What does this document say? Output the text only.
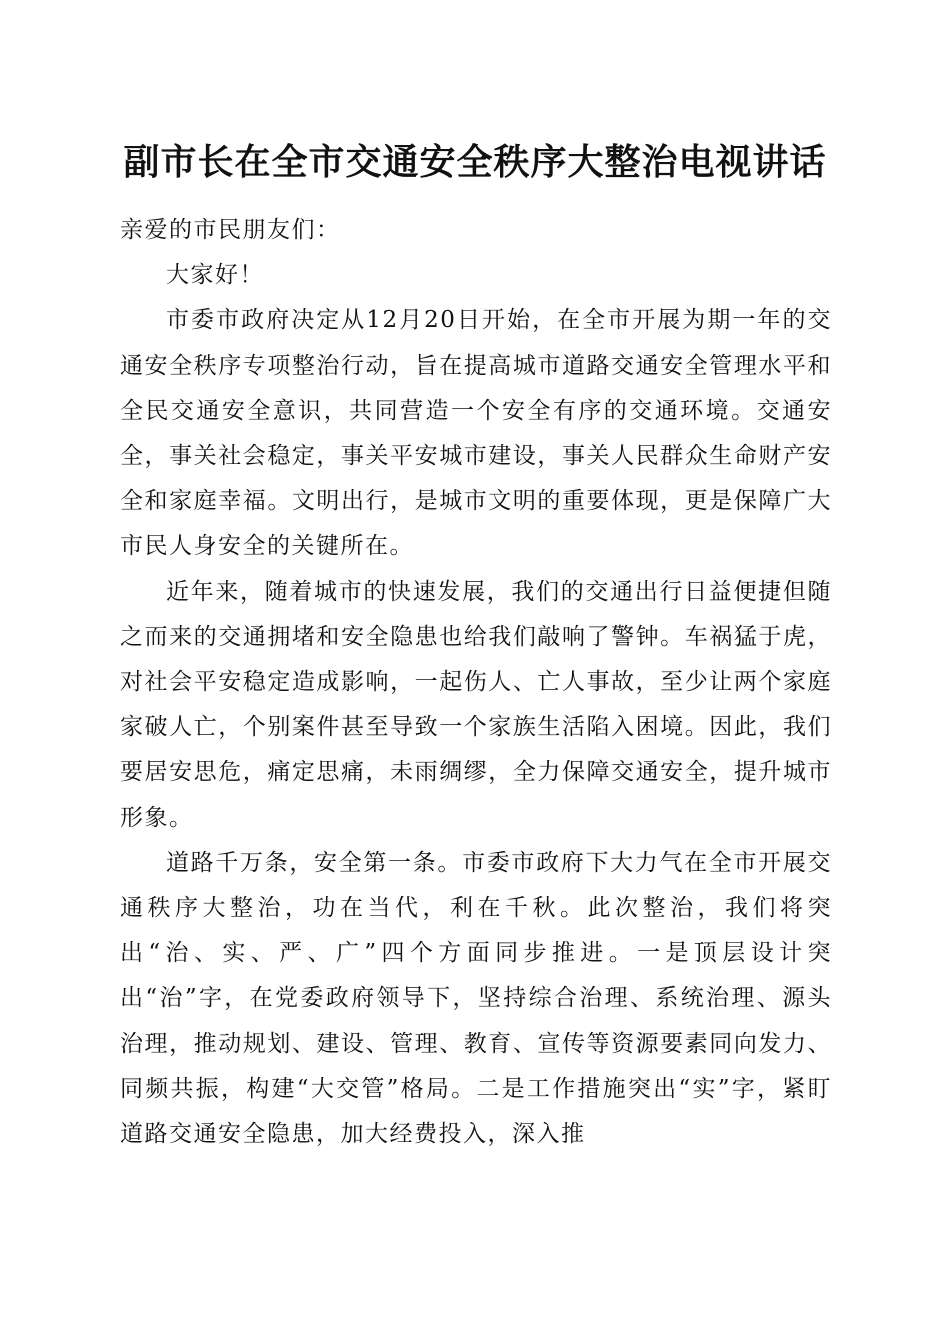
副市长在全市交通安全秩序大整治电视讲话

亲爱的市民朋友们：

大家好！

市委市政府决定从12月20日开始，在全市开展为期一年的交通安全秩序专项整治行动，旨在提高城市道路交通安全管理水平和全民交通安全意识，共同营造一个安全有序的交通环境。交通安全，事关社会稳定，事关平安城市建设，事关人民群众生命财产安全和家庭幸福。文明出行，是城市文明的重要体现，更是保障广大市民人身安全的关键所在。

近年来，随着城市的快速发展，我们的交通出行日益便捷但随之而来的交通拥堵和安全隐患也给我们敲响了警钟。车祸猛于虎，对社会平安稳定造成影响，一起伤人、亡人事故，至少让两个家庭家破人亡，个别案件甚至导致一个家族生活陷入困境。因此，我们要居安思危，痛定思痛，未雨绸缪，全力保障交通安全，提升城市形象。

道路千万条，安全第一条。市委市政府下大力气在全市开展交通秩序大整治，功在当代，利在千秋。此次整治，我们将突出“治、实、严、广”四个方面同步推进。一是顶层设计突出“治”字，在党委政府领导下，坚持综合治理、系统治理、源头治理，推动规划、建设、管理、教育、宣传等资源要素同向发力、同频共振，构建“大交管”格局。二是工作措施突出“实”字，紧盯道路交通安全隐患，加大经费投入，深入推
